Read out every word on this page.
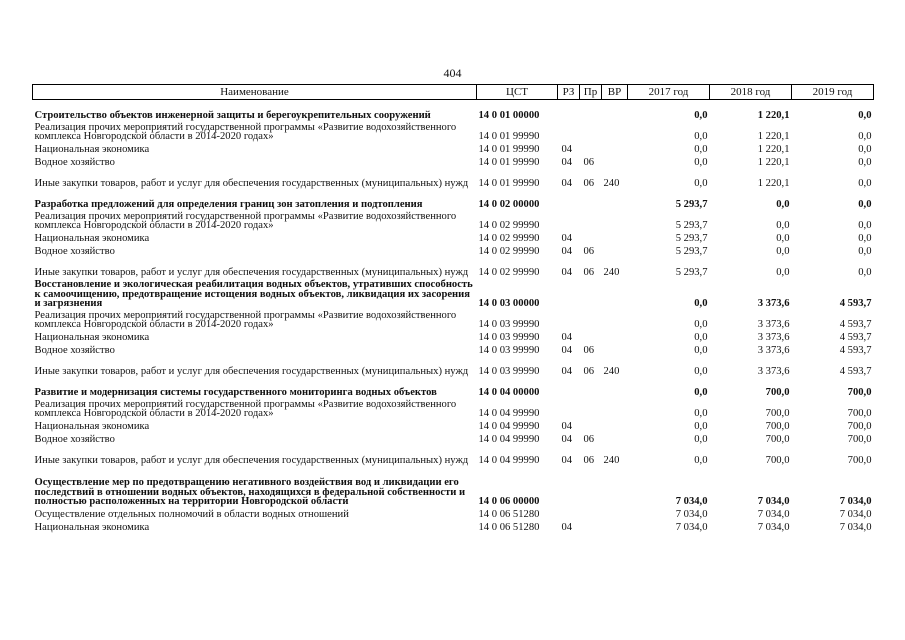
404
Наименование	ЦСТ	РЗ	Пр	ВР	2017 год	2018 год	2019 год
Строительство объектов инженерной защиты и берегоукрепительных сооружений	14 0 01 00000				0,0	1 220,1	0,0
Реализация прочих мероприятий государственной программы «Развитие водохозяйственного комплекса Новгородской области в 2014-2020 годах»	14 0 01 99990				0,0	1 220,1	0,0
Национальная экономика	14 0 01 99990	04			0,0	1 220,1	0,0
Водное хозяйство	14 0 01 99990	04	06		0,0	1 220,1	0,0
Иные закупки товаров, работ и услуг для обеспечения государственных (муниципальных) нужд	14 0 01 99990	04	06	240	0,0	1 220,1	0,0
Разработка предложений для определения границ зон затопления и подтопления	14 0 02 00000				5 293,7	0,0	0,0
Реализация прочих мероприятий государственной программы «Развитие водохозяйственного комплекса Новгородской области в 2014-2020 годах»	14 0 02 99990				5 293,7	0,0	0,0
Национальная экономика	14 0 02 99990	04			5 293,7	0,0	0,0
Водное хозяйство	14 0 02 99990	04	06		5 293,7	0,0	0,0
Иные закупки товаров, работ и услуг для обеспечения государственных (муниципальных) нужд	14 0 02 99990	04	06	240	5 293,7	0,0	0,0
Восстановление и экологическая реабилитация водных объектов, утративших способность к самоочищению, предотвращение истощения водных объектов, ликвидация их засорения и загрязнения	14 0 03 00000				0,0	3 373,6	4 593,7
Реализация прочих мероприятий государственной программы «Развитие водохозяйственного комплекса Новгородской области в 2014-2020 годах»	14 0 03 99990				0,0	3 373,6	4 593,7
Национальная экономика	14 0 03 99990	04			0,0	3 373,6	4 593,7
Водное хозяйство	14 0 03 99990	04	06		0,0	3 373,6	4 593,7
Иные закупки товаров, работ и услуг для обеспечения государственных (муниципальных) нужд	14 0 03 99990	04	06	240	0,0	3 373,6	4 593,7
Развитие и модернизация системы государственного мониторинга водных объектов	14 0 04 00000				0,0	700,0	700,0
Реализация прочих мероприятий государственной программы «Развитие водохозяйственного комплекса Новгородской области в 2014-2020 годах»	14 0 04 99990				0,0	700,0	700,0
Национальная экономика	14 0 04 99990	04			0,0	700,0	700,0
Водное хозяйство	14 0 04 99990	04	06		0,0	700,0	700,0
Иные закупки товаров, работ и услуг для обеспечения государственных (муниципальных) нужд	14 0 04 99990	04	06	240	0,0	700,0	700,0
Осуществление мер по предотвращению негативного воздействия вод и ликвидации его последствий в отношении водных объектов, находящихся в федеральной собственности и полностью расположенных на территории Новгородской области	14 0 06 00000				7 034,0	7 034,0	7 034,0
Осуществление отдельных полномочий в области водных отношений	14 0 06 51280				7 034,0	7 034,0	7 034,0
Национальная экономика	14 0 06 51280	04			7 034,0	7 034,0	7 034,0
